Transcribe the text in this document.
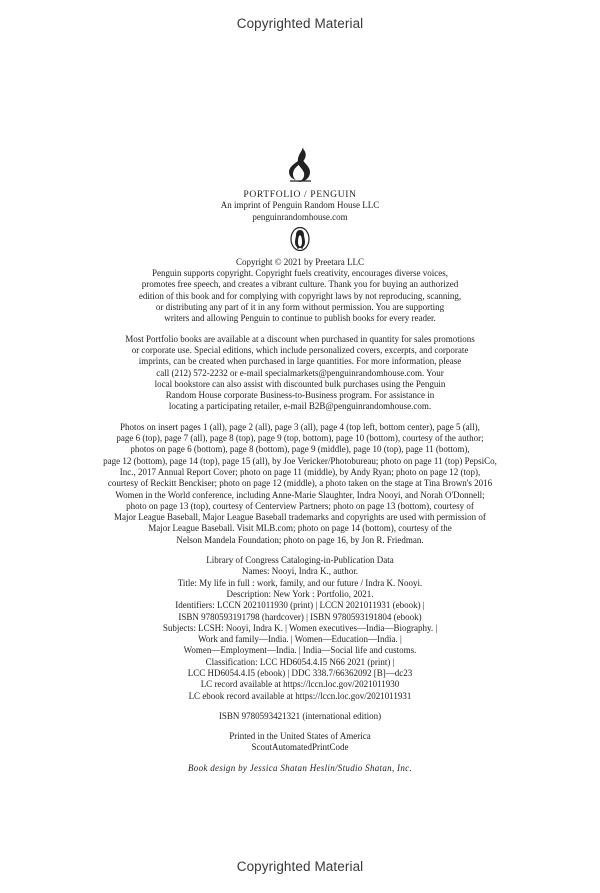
Copyrighted Material
PORTFOLIO / PENGUIN
An imprint of Penguin Random House LLC
penguinrandomhouse.com
Copyright © 2021 by Preetara LLC
Penguin supports copyright. Copyright fuels creativity, encourages diverse voices,
promotes free speech, and creates a vibrant culture. Thank you for buying an authorized
edition of this book and for complying with copyright laws by not reproducing, scanning,
or distributing any part of it in any form without permission. You are supporting
writers and allowing Penguin to continue to publish books for every reader.
Most Portfolio books are available at a discount when purchased in quantity for sales promotions
or corporate use. Special editions, which include personalized covers, excerpts, and corporate
imprints, can be created when purchased in large quantities. For more information, please
call (212) 572-2232 or e-mail specialmarkets@penguinrandomhouse.com. Your
local bookstore can also assist with discounted bulk purchases using the Penguin
Random House corporate Business-to-Business program. For assistance in
locating a participating retailer, e-mail B2B@penguinrandomhouse.com.
Photos on insert pages 1 (all), page 2 (all), page 3 (all), page 4 (top left, bottom center), page 5 (all),
page 6 (top), page 7 (all), page 8 (top), page 9 (top, bottom), page 10 (bottom), courtesy of the author;
photos on page 6 (bottom), page 8 (bottom), page 9 (middle), page 10 (top), page 11 (bottom),
page 12 (bottom), page 14 (top), page 15 (all), by Joe Vericker/Photobureau; photo on page 11 (top) PepsiCo,
Inc., 2017 Annual Report Cover; photo on page 11 (middle), by Andy Ryan; photo on page 12 (top),
courtesy of Reckitt Benckiser; photo on page 12 (middle), a photo taken on the stage at Tina Brown's 2016
Women in the World conference, including Anne-Marie Slaughter, Indra Nooyi, and Norah O'Donnell;
photo on page 13 (top), courtesy of Centerview Partners; photo on page 13 (bottom), courtesy of
Major League Baseball, Major League Baseball trademarks and copyrights are used with permission of
Major League Baseball. Visit MLB.com; photo on page 14 (bottom), courtesy of the
Nelson Mandela Foundation; photo on page 16, by Jon R. Friedman.
Library of Congress Cataloging-in-Publication Data
Names: Nooyi, Indra K., author.
Title: My life in full : work, family, and our future / Indra K. Nooyi.
Description: New York : Portfolio, 2021.
Identifiers: LCCN 2021011930 (print) | LCCN 2021011931 (ebook) |
ISBN 9780593191798 (hardcover) | ISBN 9780593191804 (ebook)
Subjects: LCSH: Nooyi, Indra K. | Women executives—India—Biography. |
Work and family—India. | Women—Education—India. |
Women—Employment—India. | India—Social life and customs.
Classification: LCC HD6054.4.I5 N66 2021 (print) |
LCC HD6054.4.I5 (ebook) | DDC 338.7/66362092 [B]—dc23
LC record available at https://lccn.loc.gov/2021011930
LC ebook record available at https://lccn.loc.gov/2021011931
ISBN 9780593421321 (international edition)
Printed in the United States of America
ScoutAutomatedPrintCode
Book design by Jessica Shatan Heslin/Studio Shatan, Inc.
Copyrighted Material
